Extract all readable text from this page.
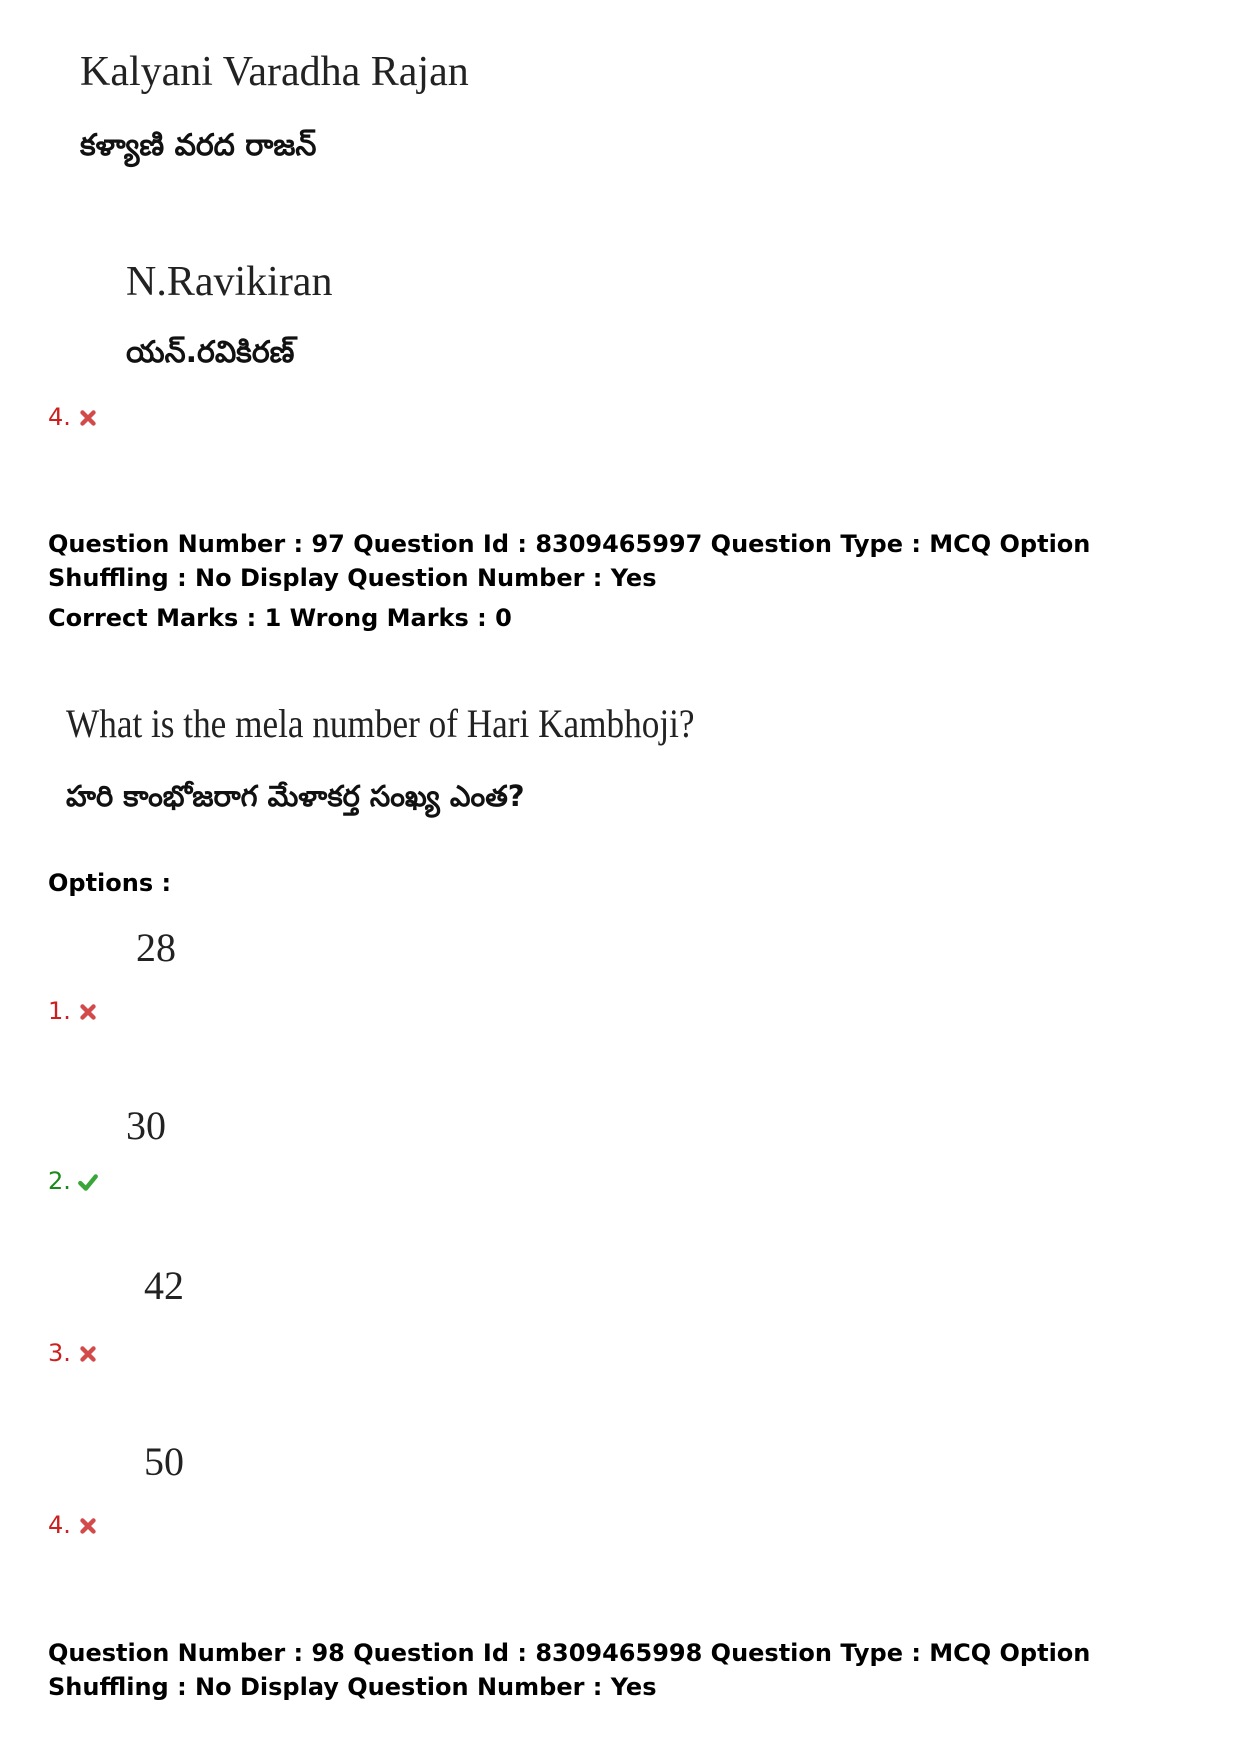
Kalyani Varadha Rajan
కళ్యాణి వరద రాజన్
N.Ravikiran
యన్.రవికిరణ్
4.
Question Number : 97 Question Id : 8309465997 Question Type : MCQ Option Shuffling : No Display Question Number : Yes
Correct Marks : 1 Wrong Marks : 0
What is the mela number of Hari Kambhoji?
హరి కాంభోజరాగ మేళాకర్త సంఖ్య ఎంత?
Options :
28
1.
30
2.
42
3.
50
4.
Question Number : 98 Question Id : 8309465998 Question Type : MCQ Option Shuffling : No Display Question Number : Yes
